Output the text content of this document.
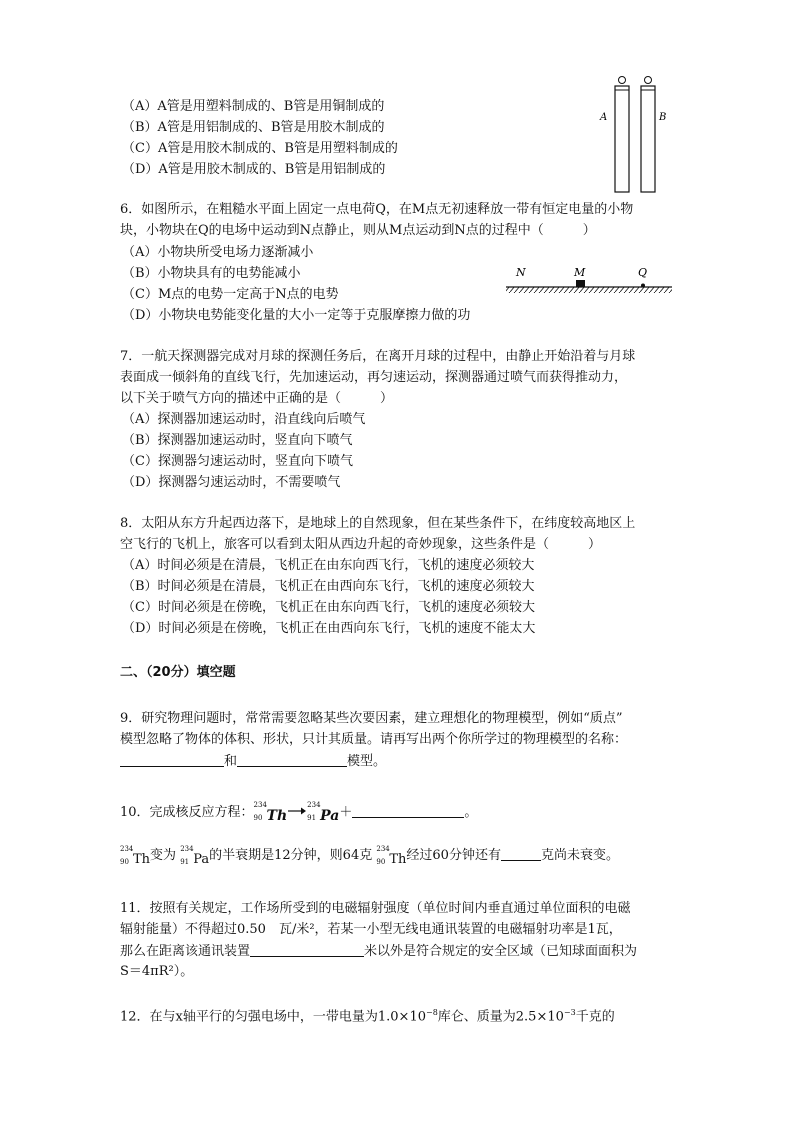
（A）A管是用塑料制成的、B管是用铜制成的
（B）A管是用铝制成的、B管是用胶木制成的
（C）A管是用胶木制成的、B管是用塑料制成的
（D）A管是用胶木制成的、B管是用铝制成的
A	B
6．如图所示，在粗糙水平面上固定一点电荷Q，在M点无初速释放一带有恒定电量的小物
块，小物块在Q的电场中运动到N点静止，则从M点运动到N点的过程中（　　　）
（A）小物块所受电场力逐渐减小
（B）小物块具有的电势能减小
（C）M点的电势一定高于N点的电势
（D）小物块电势能变化量的大小一定等于克服摩擦力做的功
N	M	Q
7．一航天探测器完成对月球的探测任务后，在离开月球的过程中，由静止开始沿着与月球
表面成一倾斜角的直线飞行，先加速运动，再匀速运动，探测器通过喷气而获得推动力，
以下关于喷气方向的描述中正确的是（　　　）
（A）探测器加速运动时，沿直线向后喷气
（B）探测器加速运动时，竖直向下喷气
（C）探测器匀速运动时，竖直向下喷气
（D）探测器匀速运动时，不需要喷气
8．太阳从东方升起西边落下，是地球上的自然现象，但在某些条件下，在纬度较高地区上
空飞行的飞机上，旅客可以看到太阳从西边升起的奇妙现象，这些条件是（　　　）
（A）时间必须是在清晨，飞机正在由东向西飞行，飞机的速度必须较大
（B）时间必须是在清晨，飞机正在由西向东飞行，飞机的速度必须较大
（C）时间必须是在傍晚，飞机正在由东向西飞行，飞机的速度必须较大
（D）时间必须是在傍晚，飞机正在由西向东飞行，飞机的速度不能太大
二、（20分）填空题
9．研究物理问题时，常常需要忽略某些次要因素，建立理想化的物理模型，例如“质点”
模型忽略了物体的体积、形状，只计其质量。请再写出两个你所学过的物理模型的名称：
和	模型。
10．完成核反应方程： 234
90 Th→
234
91 Pa＋	。
234
90 Th变为 234
91 Pa的半衰期是12分钟，则64克 234
90 Th经过60分钟还有	克尚未衰变。
11．按照有关规定，工作场所受到的电磁辐射强度（单位时间内垂直通过单位面积的电磁
辐射能量）不得超过0.50　瓦/米²，若某一小型无线电通讯装置的电磁辐射功率是1瓦，
那么在距离该通讯装置	米以外是符合规定的安全区域（已知球面面积为
S＝4πR²）。
12．在与x轴平行的匀强电场中，一带电量为$1.0\times 10^{-8}$库仑、质量为$2.5\times 10^{-3}$千克的
